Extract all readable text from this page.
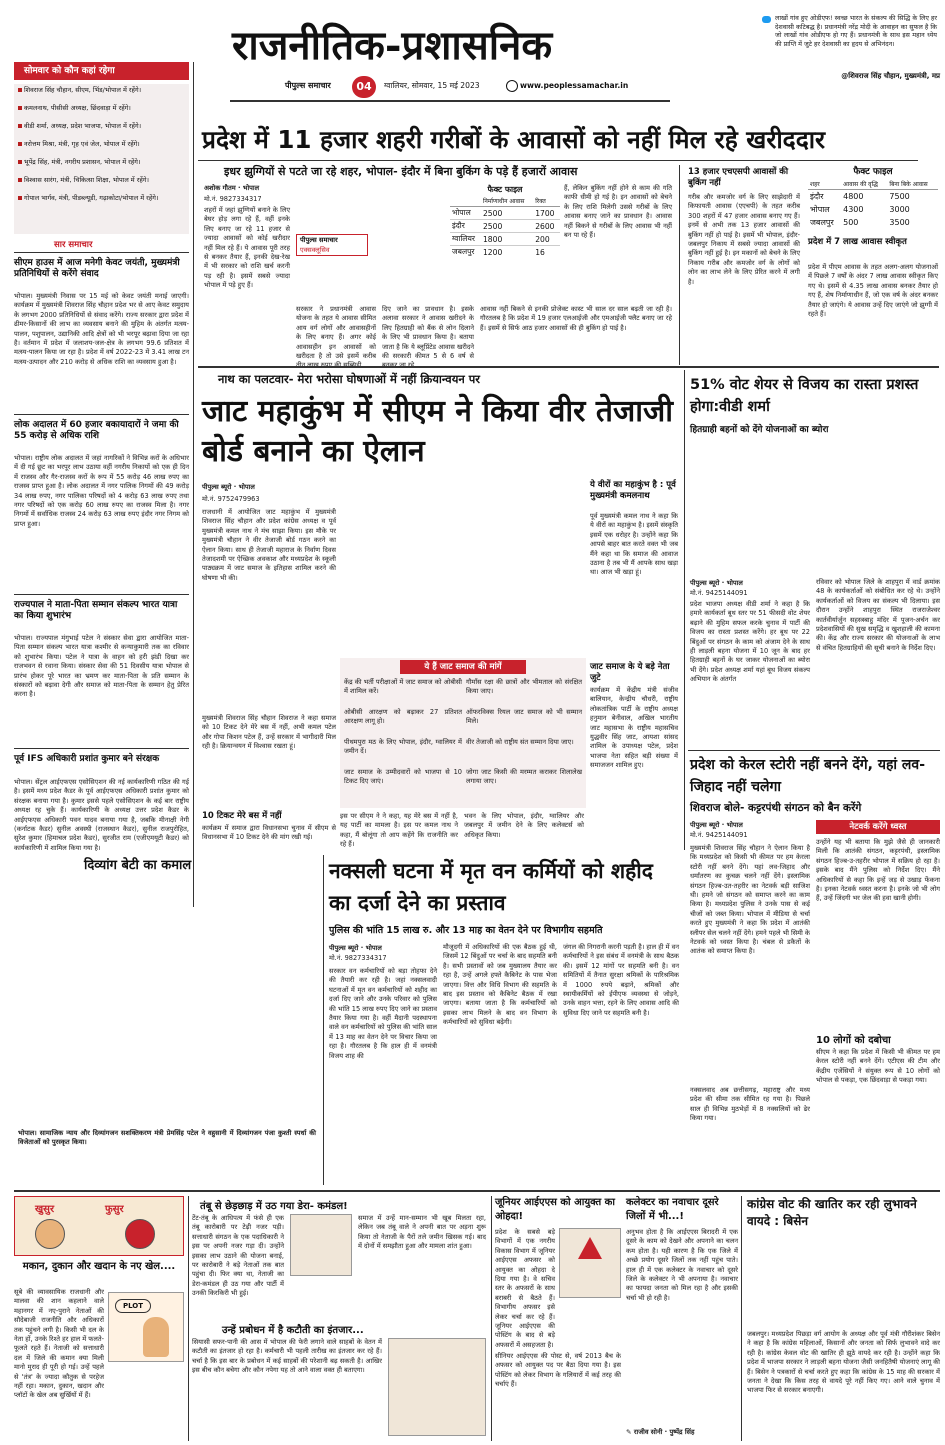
राजनीतिक-प्रशासनिक
पीपुल्स समाचार	04	ग्वालियर, सोमवार, 15 मई 2023	www.peoplessamachar.in
लाखों गांव हुए ओडीएफ! स्वच्छ भारत के संकल्प की सिद्धि के लिए हर देशवासी कटिबद्ध है। प्रधानमंत्री नरेंद्र मोदी के आवाहन का सुफल है कि जो लाखों गांव ओडीएफ हो गए हैं। प्रधानमंत्री के साथ इस महान ध्येय की प्राप्ति में जुटे हर देशवासी का हृदय से अभिनंदन।
@शिवराज सिंह चौहान, मुख्यमंत्री, मप्र
सोमवार को कौन कहां रहेगा
शिवराज सिंह चौहान, सीएम, भिंड/भोपाल में रहेंगे।
कमलनाथ, पीसीसी अध्यक्ष, छिंदवाड़ा में रहेंगे।
वीडी शर्मा, अध्यक्ष, प्रदेश भाजपा, भोपाल में रहेंगे।
नरोत्तम मिश्रा, मंत्री, गृह एवं जेल, भोपाल में रहेंगे।
भूपेंद्र सिंह, मंत्री, नगरीय प्रशासन, भोपाल में रहेंगे।
विश्वास सारंग, मंत्री, चिकित्सा शिक्षा, भोपाल में रहेंगे।
गोपाल भार्गव, मंत्री, पीडब्ल्यूडी, गढ़ाकोटा/भोपाल में रहेंगे।
सार समाचार
सीएम हाउस में आज मनेगी केवट जयंती, मुख्यमंत्री प्रतिनिधियों से करेंगे संवाद
भोपाल। मुख्यमंत्री निवास पर 15 मई को केवट जयंती मनाई जाएगी। कार्यक्रम में मुख्यमंत्री शिवराज सिंह चौहान प्रदेश भर से आए केवट समुदाय के लगभग 2000 प्रतिनिधियों से संवाद करेंगे। राज्य सरकार द्वारा प्रदेश में ढीमर-किसानों की लाभ का व्यवसाय बनाने की मुहिम के अंतर्गत मत्स्य-पालन, पशुपालन, उद्यानिकी आदि क्षेत्रों को भी भरपूर बढ़ावा दिया जा रहा है। वर्तमान में प्रदेश में जलाशय-जल-क्षेत्र के लगभग 99.6 प्रतिशत में मत्स्य-पालन किया जा रहा है। प्रदेश में वर्ष 2022-23 में 3.41 लाख टन मत्स्य-उत्पादन और 210 करोड़ से अधिक राशि का व्यवसाय हुआ है।
लोक अदालत में 60 हजार बकायादारों ने जमा की 55 करोड़ से अधिक राशि
भोपाल। राष्ट्रीय लोक अदालत में जहां नागरिकों ने विभिन्न करों के अधिभार में दी गई छूट का भरपूर लाभ उठाया वहीं नगरीय निकायों को एक ही दिन में राजस्व और गैर-राजस्व करों के रूप में 55 करोड़ 46 लाख रुपए का राजस्व प्राप्त हुआ है। लोक अदालत में नगर पालिक निगमों की 49 करोड़ 34 लाख रुपए, नगर पालिका परिषदों को 4 करोड़ 63 लाख रुपए तथा नगर परिषदों को एक करोड़ 60 लाख रुपए का राजस्व मिला है। नगर निगमों में सर्वाधिक राजस्व 24 करोड़ 63 लाख रुपए इंदौर नगर निगम को प्राप्त हुआ।
राज्यपाल ने माता-पिता सम्मान संकल्प भारत यात्रा का किया शुभारंभ
भोपाल। राज्यपाल मंगुभाई पटेल ने संस्कार सेवा द्वारा आयोजित माता-पिता सम्मान संकल्प भारत यात्रा कश्मीर से कन्याकुमारी तक का रविवार को शुभारंभ किया। पटेल ने यात्रा के वाहन को हरी झंडी दिखा कर राजभवन से रवाना किया। संस्कार सेवा की 51 दिवसीय यात्रा भोपाल से प्रारंभ होकर पूरे भारत का भ्रमण कर माता-पिता के प्रति सम्मान के संस्कारों को बढ़ावा देगी और समाज को माता-पिता के सम्मान हेतु प्रेरित करना है।
पूर्व IFS अधिकारी प्रशांत कुमार बने संरक्षक
भोपाल। सेंट्रल आईएफएस एसोसिएशन की नई कार्यकारिणी गठित की गई है। इसमें मध्य प्रदेश कैडर के पूर्व आईएफएस अधिकारी प्रशांत कुमार को संरक्षक बनाया गया है। कुमार इससे पहले एसोसिएशन के कई बार राष्ट्रीय अध्यक्ष रह चुके हैं। कार्यकारिणी के अध्यक्ष उत्तर प्रदेश कैडर के आईएफएस अधिकारी पवन यादव बनाया गया है, जबकि मीनाक्षी नेगी (कर्नाटक कैडर) सुनील अवस्थी (राजस्थान कैडर), सुनील राजपुरोहित, सुरेश कुमार (हिमाचल प्रदेश कैडर), सुरजीत राम (एजीएमयूटी कैडर) को कार्यकारिणी में शामिल किया गया है।
प्रदेश में 11 हजार शहरी गरीबों के आवासों को नहीं मिल रहे खरीददार
इधर झुग्गियों से पटते जा रहे शहर, भोपाल- इंदौर में बिना बुकिंग के पड़े हैं हजारों आवास
अशोक गौतम · भोपाल
मो.नं. 9827334317
पीपुल्स समाचार
एक्सक्लूसिव
शहरों में जहां झुग्गियों बनाने के लिए बेघर होड़ लगा रहे हैं, वहीं इनके लिए बनाए जा रहे 11 हजार से ज्यादा आवासों को कोई खरीदार नहीं मिल रहे हैं। ये आवास पूरी तरह से बनकर तैयार हैं, इनकी देख-रेख में भी सरकार को राशि खर्च करनी पड़ रही है। इसमें सबसे ज्यादा भोपाल में पड़े हुए हैं।
सरकार ने प्रधानमंत्री आवास योजना के तहत ये आवास सीमित आय वर्ग लोगों और आवासहीनों के लिए बनाए हैं। अगर कोई आवासहीन इन आवासों को खरीदता है तो उसे इसमें करीब
दिए जाने का प्रावधान है। इसके अलावा सरकार ने आवास खरीदने के लिए हितग्राही को बैंक से लोन दिलाने के लिए भी प्रावधान किया है। बताया जाता है कि ये ब्लूप्रिंटेड आवास खरीदने की सरकारी कीमत 5 से 6 वर्ष से
फैक्ट फाइल
	निर्माणाधीन आवास	रिक्त
भोपाल	2500	1700
इंदौर	2500	2600
ग्वालियर	1800	200
जबलपुर	1200	16
हैं, लेकिन बुकिंग नहीं होने से काम की गति काफी धीमी हो गई है। इन आवासों को बेचने के लिए राशि मिलेगी उससे गरीबों के लिए आवास बनाए जाने का प्रावधान है। आवास नहीं बिकने से गरीबों के लिए आवास भी नहीं बन पा रहे हैं।
आवास नहीं बिकने से इनकी प्रोजेक्ट कास्ट भी साल दर साल बढ़ती जा रही है। गौरतलब है कि प्रदेश में 19 हजार एलआईजी और एमआईजी फ्लैट बनाए जा रहे हैं। इसमें से सिर्फ आठ हजार आवासों की ही बुकिंग हो पाई है।
13 हजार एचएसपी आवासों की बुकिंग नहीं
गरीब और कमजोर वर्ग के लिए साझेदारी में किफायती आवास (एएचपी) के तहत करीब 300 शहरों में 47 हजार आवास बनाए गए हैं। इनमें से अभी तक 13 हजार आवासों की बुकिंग नहीं हो पाई है। इसमें भी भोपाल, इंदौर-जबलपुर निकाय में सबसे ज्यादा आवासों की बुकिंग नहीं हुई है। इन मकानों को बेचने के लिए निकाय गरीब और कमजोर वर्ग के लोगों को लोन का लाभ लेने के लिए प्रेरित करने में लगी है।
फैक्ट फाइल
शहर	आवास की वृद्धि	बिना बिके आवास
इंदौर	4800	7500
भोपाल	4300	3000
जबलपुर	500	3500
प्रदेश में 7 लाख आवास स्वीकृत
प्रदेश में पीएम आवास के तहत अलग-अलग योजनाओं में पिछले 7 वर्षों के अंदर 7 लाख आवास स्वीकृत किए गए थे। इसमें से 4.35 लाख आवास बनकर तैयार हो गए हैं, शेष निर्माणाधीन हैं, जो एक वर्ष के अंदर बनकर तैयार हो जाएंगे। ये आवास उन्हें दिए जाएंगे जो झुग्गी में रहते हैं।
नाथ का पलटवार- मेरा भरोसा घोषणाओं में नहीं क्रियान्वयन पर
जाट महाकुंभ में सीएम ने किया वीर तेजाजी बोर्ड बनाने का ऐलान
पीपुल्स ब्यूरो · भोपाल
मो.नं. 9752479963
राजधानी में आयोजित जाट महाकुंभ में मुख्यमंत्री शिवराज सिंह चौहान और प्रदेश कांग्रेस अध्यक्ष व पूर्व मुख्यमंत्री कमल नाथ ने मंच साझा किया। इस मौके पर मुख्यमंत्री चौहान ने वीर तेजाजी बोर्ड गठन करने का ऐलान किया। साथ ही तेजाजी महाराज के निर्वाण दिवस तेजादशमी पर ऐच्छिक अवकाश और मध्यप्रदेश के स्कूली पाठ्यक्रम में जाट समाज के इतिहास शामिल करने की घोषणा भी की।
मुख्यमंत्री शिवराज सिंह चौहान शिवराज ने कहा समाज को 10 टिकट देने मेरे बस में नहीं, अभी कमल पटेल और गोपा किशन पटेल हैं, उन्हें सरकार में भागीदारी मिल रही है। क्रियान्वयन में विश्वास रखता हूं।
10 टिकट मेरे बस में नहीं
कार्यक्रम में समाज द्वारा विधानसभा चुनाव में सीएम से विधानसभा में 10 टिकट देने की मांग रखी गई।
ये हैं जाट समाज की मांगें
केंद्र की भर्ती परीक्षाओं में जाट समाज को ओबीसी में शामिल करें।
ओबीसी आरक्षण को बढ़ाकर 27 प्रतिशत आरक्षण लागू हो।
पीथमपुरा मठ के लिए भोपाल, इंदौर, ग्वालियर में जमीन दें।
जाट समाज के उम्मीदवारों को भाजपा से 10 टिकट दिए जाएं।
गौमाँस रक्षा की छात्रों और भीमताल को संरक्षित किया जाए।
ऑफरविक्स रियल जाट समाज को भी सम्मान मिले।
वीर तेजाजी को राष्ट्रीय संत सम्मान दिया जाए।
जोगा जाट किसी की मरम्मत कराकर शिलालेख लगाया जाए।
इस पर सीएम ने ने कहा, यह मेरे बस में नहीं है, यह पार्टी का मामला है। इस पर कमल नाथ ने कहा, मैं बोलूंगा तो आप कहेंगे कि राजनीति कर रहे हैं।
भवन के लिए भोपाल, इंदौर, ग्वालियर और जबलपुर में जमीन देने के लिए कलेक्टर्स को अधिकृत किया।
ये वीरों का महाकुंभ है : पूर्व मुख्यमंत्री कमलनाथ
पूर्व मुख्यमंत्री कमल नाथ ने कहा कि ये वीरों का महाकुंभ है। इसमें संस्कृति इसमें एक धरोहर है। उन्होंने कहा कि आपसे बाहर बात करते वक्त भी जब मैंने कहा था कि समाज की आवाज उठाना है तब भी मैं आपके साथ खड़ा था। आज भी खड़ा हूं।
जाट समाज के ये बड़े नेता जुटे
कार्यक्रम में केंद्रीय मंत्री संजीव बालियान, केन्द्रीय चौधरी, राष्ट्रीय लोकतांत्रिक पार्टी के राष्ट्रीय अध्यक्ष हनुमान बेनीवाल, अखिल भारतीय जाट महासभा के राष्ट्रीय महासचिव युद्धवीर सिंह जाट, आयशा सांसद शामिल के उपाध्यक्ष पटेल, प्रदेश भाजपा नेता सहित बड़ी संख्या में समाजजन शामिल हुए।
51% वोट शेयर से विजय का रास्ता प्रशस्त होगा:वीडी शर्मा
हितग्राही बहनों को देंगे योजनाओं का ब्योरा
पीपुल्स ब्यूरो · भोपाल
मो.नं. 9425144091
प्रदेश भाजपा अध्यक्ष वीडी शर्मा ने कहा है कि हमारे कार्यकर्ता बूथ स्तर पर 51 फीसदी वोट शेयर बढ़ाने की मुहिम सफल करके चुनाव में पार्टी की विजय का रास्ता प्रशस्त करेंगे। हर बूथ पर 22 बिंदुओं पर संगठन के काम को अंजाम देने के साथ ही लाड़ली बहना योजना में 10 जून के बाद हर हितग्राही बहनों के घर जाकर योजनाओं का ब्योरा भी देंगे। प्रदेश अध्यक्ष शर्मा यहां बूथ विजय संकल्प अभियान के अंतर्गत
रविवार को भोपाल जिले के शाहपुरा में वार्ड क्रमांक 48 के कार्यकर्ताओं को संबोधित कर रहे थे। उन्होंने कार्यकर्ताओं को विजय का संकल्प भी दिलाया। इस दौरान उन्होंने शाहपुरा स्थित राजराजेश्वर कार्तवीर्यार्जुन सहस्त्रबाहु मंदिर में पूजन-अर्चन कर प्रदेशवासियों की सुख समृद्धि व खुशहाली की कामना की। केंद्र और राज्य सरकार की योजनाओं के लाभ से वंचित हितग्राहियों की सूची बनाने के निर्देश दिए।
प्रदेश को केरल स्टोरी नहीं बनने देंगे, यहां लव-जिहाद नहीं चलेगा
शिवराज बोले- कट्टरपंथी संगठन को बैन करेंगे
पीपुल्स ब्यूरो · भोपाल
मो.नं. 9425144091
मुख्यमंत्री शिवराज सिंह चौहान ने ऐलान किया है कि मध्यप्रदेश को किसी भी कीमत पर हम केरला स्टोरी नहीं बनने देंगे। यहां लव-जिहाद और धर्मांतरण का कुचक्र चलने नहीं देंगे। इस्लामिक संगठन हिज्ब-उत-तहरीर का नेटवर्क बड़ी साजिश थी। हमने जो संगठन को समाप्त करने का काम किया है। मध्यप्रदेश पुलिस ने उनके पास से कई चीजों को जब्त किया। भोपाल में मीडिया से चर्चा करते हुए मुख्यमंत्री ने कहा कि प्रदेश में आतंकी स्लीपर सेल चलने नहीं देंगे। हमने पहले भी सिमी के नेटवर्क को ध्वस्त किया है। चंबल से डकैतों के आतंक को समाप्त किया है।
नक्सलवाद अब छत्तीसगढ़, महाराष्ट्र और मध्य प्रदेश की सीमा तक सीमित रह गया है। पिछले साल ही विभिन्न मुठभेड़ों में 8 नक्सलियों को ढेर किया गया।
नेटवर्क करेंगे ध्वस्त
उन्होंने यह भी बताया कि मुझे जैसे ही जानकारी मिली कि आतंकी संगठन, कट्टरपंथी, इस्लामिक संगठन हिज्ब-उ-तहरीर भोपाल में सक्रिय हो रहा है। इसके बाद मैंने पुलिस को निर्देश दिए। मैंने अधिकारियों से कहा कि इन्हें जड़ से उखाड़ फेंकना है। इनका नेटवर्क ध्वस्त करना है। इनके जो भी लोग हैं, उन्हें जिंदगी भर जेल की हवा खानी होगी।
10 लोगों को दबोचा
सीएम ने कहा कि प्रदेश में किसी भी कीमत पर हम केरल स्टोरी नहीं बनने देंगे। एटीएस की टीम और केंद्रीय एजेंसियों ने संयुक्त रूप से 10 लोगों को भोपाल से पकड़ा, एक छिंदवाड़ा से पकड़ा गया।
दिव्यांग बेटी का कमाल
भोपाल। सामाजिक न्याय और दिव्यांगजन सशक्तिकरण मंत्री प्रेमसिंह पटेल ने वहुसानी में दिव्यांगजन पंजा कुश्ती स्पर्धा की विजेताओं को पुरस्कृत किया।
नक्सली घटना में मृत वन कर्मियों को शहीद का दर्जा देने का प्रस्ताव
पुलिस की भांति 15 लाख रु. और 13 माह का वेतन देने पर विभागीय सहमति
पीपुल्स ब्यूरो · भोपाल
मो.नं. 9827334317
सरकार वन कर्मचारियों को बड़ा तोहफा देने की तैयारी कर रही है। जहां नक्सलवादी घटनाओं में मृत वन कर्मचारियों को शहीद का दर्जा दिए जाने और उनके परिवार को पुलिस की भांति 15 लाख रुपए दिए जाने का प्रस्ताव तैयार किया गया है। वहीं मैदानी पदस्थापना वाले वन कर्मचारियों को पुलिस की भांति साल में 13 माह का वेतन देने पर विचार किया जा रहा है। गौरतलब है कि हाल ही में वनमंत्री विजय शाह की
मौजूदगी में अधिकारियों की एक बैठक हुई थी, जिसमें 12 बिंदुओं पर चर्चा के बाद सहमति बनी है। सभी प्रस्तावों को जब मुख्यालय तैयार कर रहा है, उन्हें अगले हफ्ते कैबिनेट के पास भेजा जाएगा। वित्त और विधि विभाग की सहमति के बाद इस प्रस्ताव को कैबिनेट बैठक में रखा जाएगा। बताया जाता है कि कर्मचारियों को इसका लाभ मिलने के बाद वन विभाग के कर्मचारियों को सुविधा बढ़ेगी।
जंगल की निगरानी करनी पड़ती है। हाल ही में वन कर्मचारियों ने इस संबंध में वनमंत्री के साथ बैठक की। इसमें 12 मांगों पर सहमति बनी है। वन समितियों में तैनात सुरक्षा श्रमिकों के पारिश्रमिक में 1000 रुपये बढ़ाने, श्रमिकों और स्थायीकर्मियों को ईपीएफ व्यवस्था से जोड़ने, उनके वाहन भत्ता, रहने के लिए आवास आदि की सुविधा दिए जाने पर सहमति बनी है।
खुसुर	फुसुर
मकान, दुकान और खदान के नए खेल....
सूबे की व्यावसायिक राजधानी और मालवा की शान कहलाने वाले महानगर में नए-पुराने नेताओं की सौदेबाजी राजनीति और अधिकारों तक पहुंचने लगी है। किसी भी दल के नेता हों, उनके रिश्ते हर हाल में फलते-फूलते रहते हैं। नेताजी को सत्ताधारी दल में जिले की कमान क्या मिली मानो मुराद ही पूरी हो गई। उन्हें पहले से 'तंत्र' के ज्यादा कौतुक से परहेज नहीं रहा। मकान, दुकान, खदान और प्लॉटों के खेल अब सुर्खियों में हैं।
PLOT
तंबू से छेड़छाड़ में उठ गया डेरा- कमंडल!
टेंट-तंबू के आधिपत्य में फंसे ही एक तंबू कारोबारी पर टेढ़ी नजर पड़ी। सत्ताधारी संगठन के एक पदाधिकारी ने इस पर अपनी नजर गड़ा दी। उन्होंने इसका लाभ उठाने की योजना बनाई, पर कारोबारी ने बड़े नेताओं तक बात पहुंचा दी। फिर क्या था, नेताजी का डेरा-कमंडल ही उठ गया और पार्टी में उनकी किरकिरी भी हुई।
समाज में उन्हें मान-सम्मान भी खूब मिलता रहा, लेकिन जब तंबू वाले ने अपनी बात पर अड़ना शुरू किया तो नेताजी के पैरों तले जमीन खिसक गई। बाद में दोनों में समझौता हुआ और मामला शांत हुआ।
उन्हें प्रबोधन में है कटौती का इंतजार...
सियासी सफर-पानी की आस में भोपाल की फेरी लगाने वाले साहबों के वेतन में कटौती का इंतजार हो रहा है। कर्मचारी भी पहली तारीख का इंतजार कर रहे हैं। चर्चा है कि इस बार के प्रबोधन में कई साहबों की परेशानी बढ़ सकती है। आखिर इस बीच कौन बचेगा और कौन नपेगा यह तो आने वाला वक्त ही बताएगा।
जूनियर आईएएस को आयुक्त का ओहदा!
प्रदेश के सबसे बड़े विभागों में एक नगरीय विकास विभाग में जूनियर आईएएस अफसर को आयुक्त का ओहदा दे दिया गया है। वे सचिव स्तर के अफसरों के साथ बराबरी से बैठते हैं। विभागीय अफसर इसे लेकर चर्चा कर रहे हैं। जूनियर आईएएस की पोस्टिंग के बाद से बड़े अफसरों में असहजता है।
सीनियर आईएएस की पोस्ट से, वर्ष 2013 बैच के अफसर को आयुक्त पद पर बैठा दिया गया है। इस पोस्टिंग को लेकर विभाग के गलियारों में कई तरह की चर्चाएं हैं।
कलेक्टर का नवाचार दूसरे जिलों में भी...!
अनुभव होता है कि आईएएस बिरादरी में एक दूसरे के काम को देखने और अपनाने का चलन कम होता है। यही कारण है कि एक जिले में अच्छे प्रयोग दूसरे जिलों तक नहीं पहुंच पाते। हाल ही में एक कलेक्टर के नवाचार को दूसरे जिले के कलेक्टर ने भी अपनाया है। नवाचार का फायदा जनता को मिल रहा है और इसकी चर्चा भी हो रही है।
✎ राजीव सोनी · पुष्पेंद्र सिंह
कांग्रेस वोट की खातिर कर रही लुभावने वायदे : बिसेन
जबलपुर। मध्यप्रदेश पिछड़ा वर्ग आयोग के अध्यक्ष और पूर्व मंत्री गौरीशंकर बिसेन ने कहा है कि कांग्रेस महिलाओं, किसानों और जनता को सिर्फ लुभावने वादे कर रही है। कांग्रेस केवल वोट की खातिर ही झूठे वायदे कर रही है। उन्होंने कहा कि प्रदेश में भाजपा सरकार ने लाड़ली बहना योजना जैसी जनहितैषी योजनाएं लागू की हैं। बिसेन ने पत्रकारों से चर्चा करते हुए कहा कि कांग्रेस के 15 माह की सरकार में जनता ने देखा कि किस तरह से वायदे पूरे नहीं किए गए। आने वाले चुनाव में भाजपा फिर से सरकार बनाएगी।
